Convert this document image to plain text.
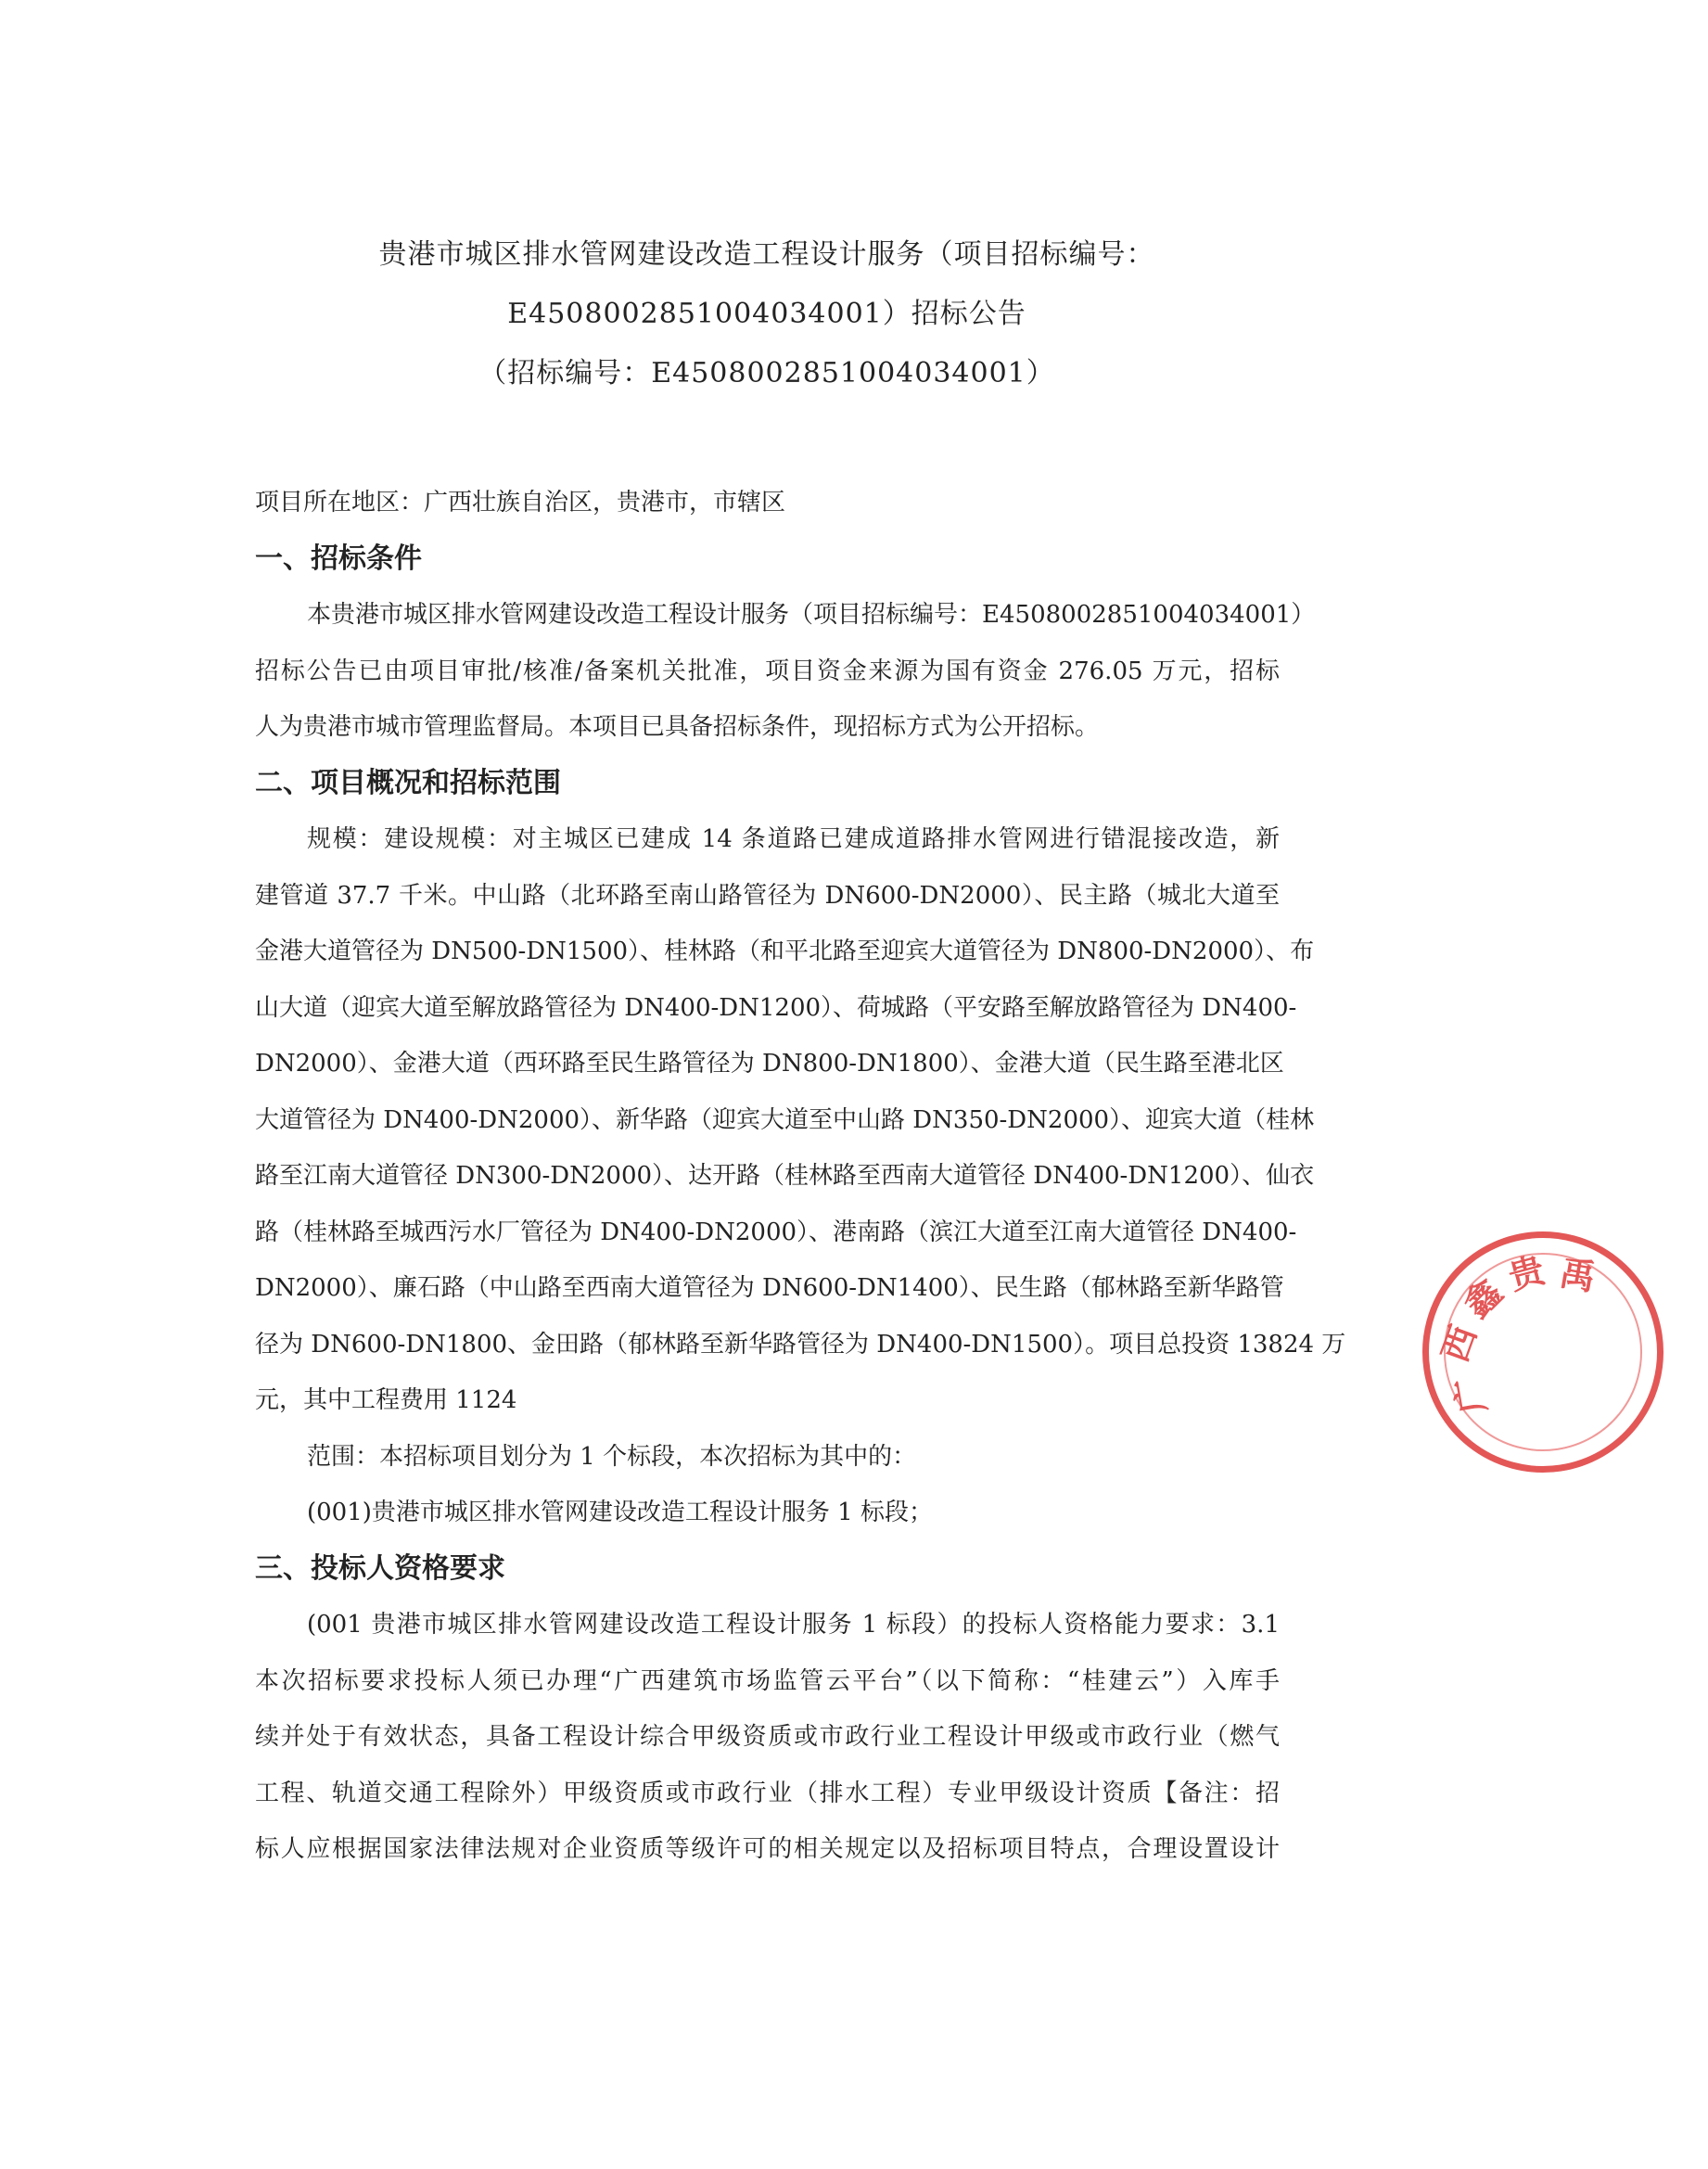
贵港市城区排水管网建设改造工程设计服务（项目招标编号：
E4508002851004034001）招标公告
（招标编号：E4508002851004034001）
项目所在地区：广西壮族自治区，贵港市，市辖区
一、招标条件
本贵港市城区排水管网建设改造工程设计服务（项目招标编号：E4508002851004034001）
招标公告已由项目审批/核准/备案机关批准，项目资金来源为国有资金 276.05 万元，招标
人为贵港市城市管理监督局。本项目已具备招标条件，现招标方式为公开招标。
二、项目概况和招标范围
规模：建设规模：对主城区已建成 14 条道路已建成道路排水管网进行错混接改造，新
建管道 37.7 千米。中山路（北环路至南山路管径为 DN600-DN2000）、民主路（城北大道至
金港大道管径为 DN500-DN1500）、桂林路（和平北路至迎宾大道管径为 DN800-DN2000）、布
山大道（迎宾大道至解放路管径为 DN400-DN1200）、荷城路（平安路至解放路管径为 DN400-
DN2000）、金港大道（西环路至民生路管径为 DN800-DN1800）、金港大道（民生路至港北区
大道管径为 DN400-DN2000）、新华路（迎宾大道至中山路 DN350-DN2000）、迎宾大道（桂林
路至江南大道管径 DN300-DN2000）、达开路（桂林路至西南大道管径 DN400-DN1200）、仙衣
路（桂林路至城西污水厂管径为 DN400-DN2000）、港南路（滨江大道至江南大道管径 DN400-
DN2000）、廉石路（中山路至西南大道管径为 DN600-DN1400）、民生路（郁林路至新华路管
径为 DN600-DN1800、金田路（郁林路至新华路管径为 DN400-DN1500）。项目总投资 13824 万
元，其中工程费用 1124
范围：本招标项目划分为 1 个标段，本次招标为其中的：
(001)贵港市城区排水管网建设改造工程设计服务 1 标段；
三、投标人资格要求
(001 贵港市城区排水管网建设改造工程设计服务 1 标段）的投标人资格能力要求：3.1
本次招标要求投标人须已办理“广西建筑市场监管云平台”（以下简称：“桂建云”）入库手
续并处于有效状态，具备工程设计综合甲级资质或市政行业工程设计甲级或市政行业（燃气
工程、轨道交通工程除外）甲级资质或市政行业（排水工程）专业甲级设计资质【备注：招
标人应根据国家法律法规对企业资质等级许可的相关规定以及招标项目特点，合理设置设计
广
西
鑫
贵 禹
